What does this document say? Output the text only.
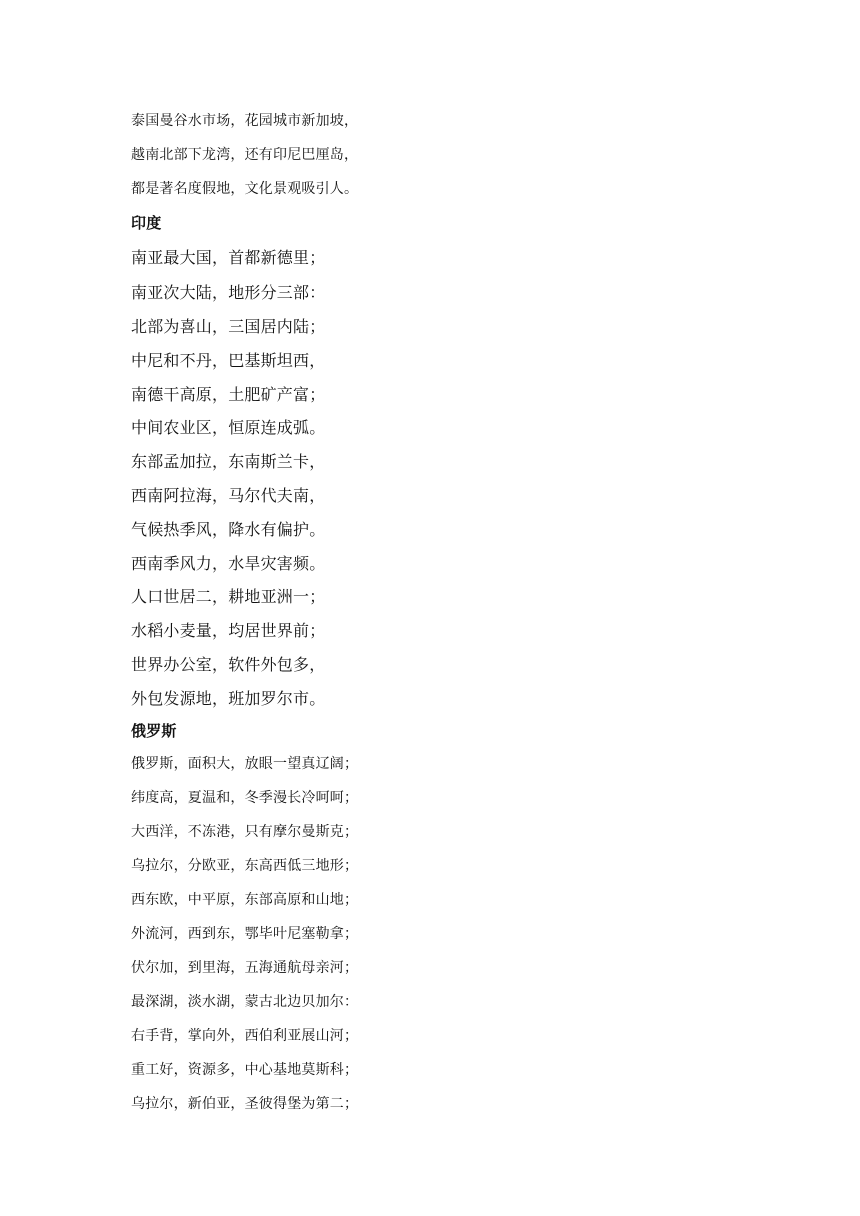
泰国曼谷水市场，花园城市新加坡，
越南北部下龙湾，还有印尼巴厘岛，
都是著名度假地，文化景观吸引人。
印度
南亚最大国，首都新德里；
南亚次大陆，地形分三部：
北部为喜山，三国居内陆；
中尼和不丹，巴基斯坦西，
南德干高原，土肥矿产富；
中间农业区，恒原连成弧。
东部孟加拉，东南斯兰卡，
西南阿拉海，马尔代夫南，
气候热季风，降水有偏护。
西南季风力，水旱灾害频。
人口世居二，耕地亚洲一；
水稻小麦量，均居世界前；
世界办公室，软件外包多，
外包发源地，班加罗尔市。
俄罗斯
俄罗斯，面积大，放眼一望真辽阔；
纬度高，夏温和，冬季漫长冷呵呵；
大西洋，不冻港，只有摩尔曼斯克；
乌拉尔，分欧亚，东高西低三地形；
西东欧，中平原，东部高原和山地；
外流河，西到东，鄂毕叶尼塞勒拿；
伏尔加，到里海，五海通航母亲河；
最深湖，淡水湖，蒙古北边贝加尔：
右手背，掌向外，西伯利亚展山河；
重工好，资源多，中心基地莫斯科；
乌拉尔，新伯亚，圣彼得堡为第二；
